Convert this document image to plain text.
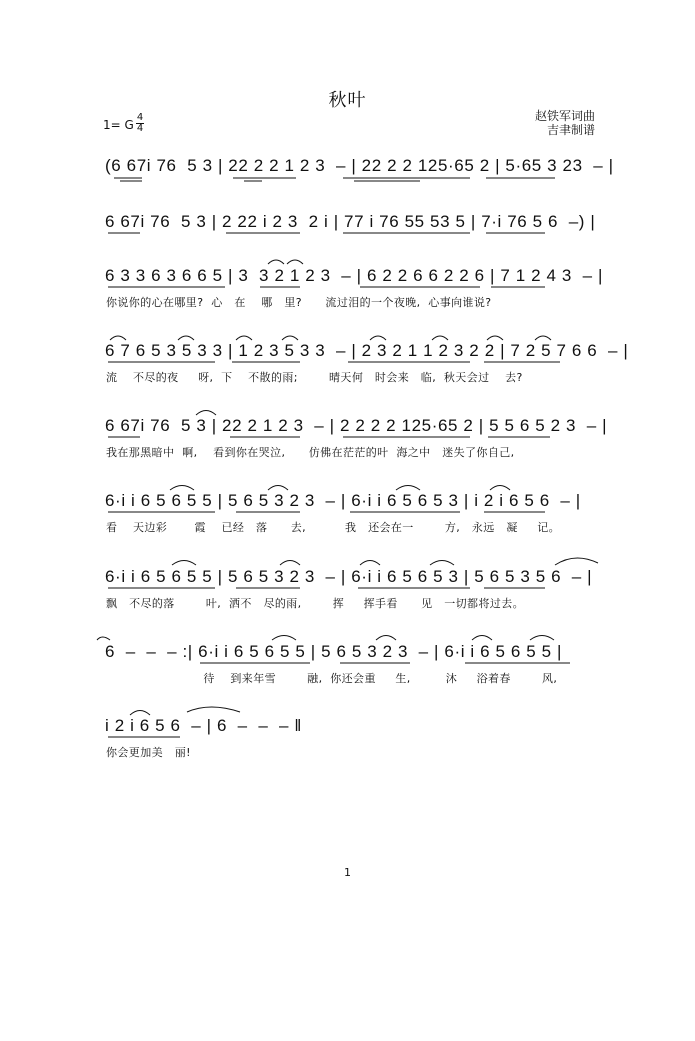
秋叶
1= G
4
4
赵铁军词曲
吉聿制谱
(6 67i 76  5 3 | 22 2 2 1 2 3  – | 22 2 2 125·65 2 | 5·65 3 23  – |
6 67i 76  5 3 | 2 22 i 2 3  2 i | 77 i 76 55 53 5 | 7·i 76 5 6  –) |
6 3 3 6 3 6 6 5 | 3  3 2 1 2 3  – | 6 2 2 6 6 2 2 6 | 7 1 2 4 3  – |
你说你的心在哪里?  心   在    哪   里?      流过泪的一个夜晚,  心事向谁说?
6 7 6 5 3 5 3 3 | 1 2 3 5 3 3  – | 2 3 2 1 1 2 3 2 2 | 7 2 5 7 6 6  – |
流    不尽的夜     呀,  下    不散的雨;        晴天何   时会来   临,  秋天会过    去?
6 67i 76  5 3 | 22 2 1 2 3  – | 2 2 2 2 125·65 2 | 5 5 6 5 2 3  – |
我在那黑暗中  啊,    看到你在哭泣,      仿佛在茫茫的叶  海之中   迷失了你自己,
6·i i 6 5 6 5 5 | 5 6 5 3 2 3  – | 6·i i 6 5 6 5 3 | i 2 i 6 5 6  – |
看    天边彩       霞    已经   落      去,          我   还会在一        方,   永远   凝     记。
6·i i 6 5 6 5 5 | 5 6 5 3 2 3  – | 6·i i 6 5 6 5 3 | 5 6 5 3 5 6  – |
飘   不尽的落        叶,  洒不   尽的雨,        挥     挥手看      见   一切都将过去。
6  –  –  – :| 6·i i 6 5 6 5 5 | 5 6 5 3 2 3  – | 6·i i 6 5 6 5 5 |
待    到来年雪        融,  你还会重     生,         沐     浴着春        风,
i 2 i 6 5 6  – | 6  –  –  – ‖
你会更加美   丽!
1
